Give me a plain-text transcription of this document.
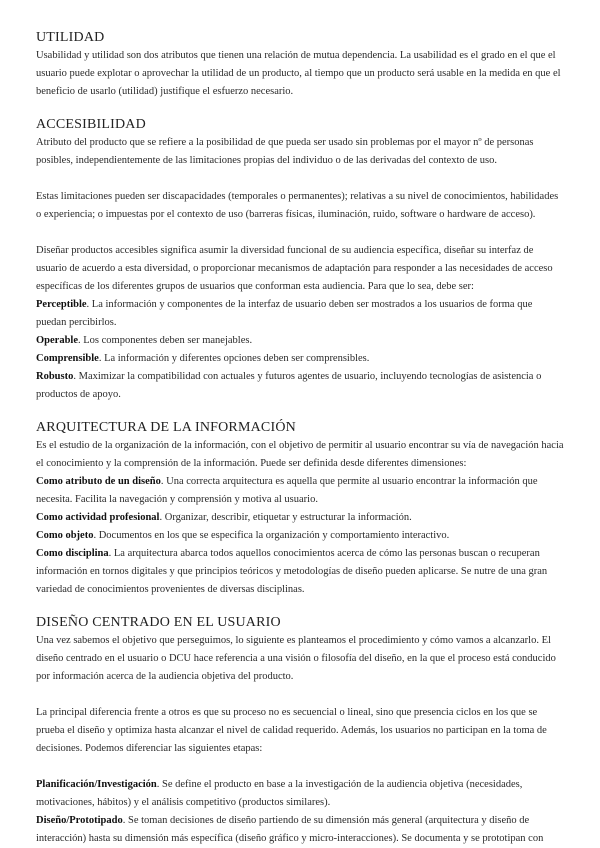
UTILIDAD

Usabilidad y utilidad son dos atributos que tienen una relación de mutua dependencia. La usabilidad es el grado en el que el usuario puede explotar o aprovechar la utilidad de un producto, al tiempo que un producto será usable en la medida en que el beneficio de usarlo (utilidad) justifique el esfuerzo necesario.

ACCESIBILIDAD

Atributo del producto que se refiere a la posibilidad de que pueda ser usado sin problemas por el mayor nº de personas posibles, independientemente de las limitaciones propias del individuo o de las derivadas del contexto de uso.

Estas limitaciones pueden ser discapacidades (temporales o permanentes); relativas a su nivel de conocimientos, habilidades o experiencia; o impuestas por el contexto de uso (barreras físicas, iluminación, ruido, software o hardware de acceso).

Diseñar productos accesibles significa asumir la diversidad funcional de su audiencia específica, diseñar su interfaz de usuario de acuerdo a esta diversidad, o proporcionar mecanismos de adaptación para responder a las necesidades de acceso específicas de los diferentes grupos de usuarios que conforman esta audiencia. Para que lo sea, debe ser:

Perceptible. La información y componentes de la interfaz de usuario deben ser mostrados a los usuarios de forma que puedan percibirlos.

Operable. Los componentes deben ser manejables.

Comprensible. La información y diferentes opciones deben ser comprensibles.

Robusto. Maximizar la compatibilidad con actuales y futuros agentes de usuario, incluyendo tecnologías de asistencia o productos de apoyo.

ARQUITECTURA DE LA INFORMACIÓN

Es el estudio de la organización de la información, con el objetivo de permitir al usuario encontrar su vía de navegación hacia el conocimiento y la comprensión de la información. Puede ser definida desde diferentes dimensiones:

Como atributo de un diseño. Una correcta arquitectura es aquella que permite al usuario encontrar la información que necesita. Facilita la navegación y comprensión y motiva al usuario.

Como actividad profesional. Organizar, describir, etiquetar y estructurar la información.

Como objeto. Documentos en los que se especifica la organización y comportamiento interactivo.

Como disciplina. La arquitectura abarca todos aquellos conocimientos acerca de cómo las personas buscan o recuperan información en tornos digitales y que principios teóricos y metodologías de diseño pueden aplicarse. Se nutre de una gran variedad de conocimientos provenientes de diversas disciplinas.

DISEÑO CENTRADO EN EL USUARIO

Una vez sabemos el objetivo que perseguimos, lo siguiente es planteamos el procedimiento y cómo vamos a alcanzarlo. El diseño centrado en el usuario o DCU hace referencia a una visión o filosofía del diseño, en la que el proceso está conducido por información acerca de la audiencia objetiva del producto.

La principal diferencia frente a otros es que su proceso no es secuencial o lineal, sino que presencia ciclos en los que se prueba el diseño y optimiza hasta alcanzar el nivel de calidad requerido. Además, los usuarios no participan en la toma de decisiones. Podemos diferenciar las siguientes etapas:

Planificación/Investigación. Se define el producto en base a la investigación de la audiencia objetiva (necesidades, motivaciones, hábitos) y el análisis competitivo (productos similares).

Diseño/Prototipado. Se toman decisiones de diseño partiendo de su dimensión más general (arquitectura y diseño de interacción) hasta su dimensión más específica (diseño gráfico y micro-interacciones). Se documenta y se prototipan con
